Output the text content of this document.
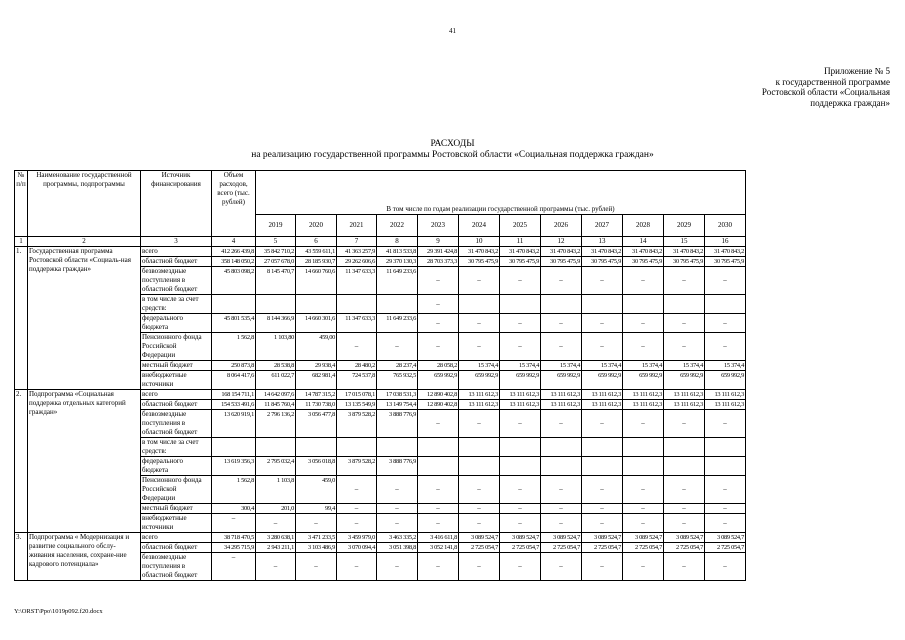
41
Приложение № 5
к государственной программе
Ростовской области «Социальная
поддержка граждан»
РАСХОДЫ
на реализацию государственной программы Ростовской области «Социальная поддержка граждан»
№ п/п	Наименование государственной программы, подпрограммы	Источник финансирования	Объем расходов, всего (тыс. рублей)	В том числе по годам реализации государственной программы (тыс. рублей)											
				2019	2020	2021	2022	2023	2024	2025	2026	2027	2028	2029	2030
1	2	3	4	5	6	7	8	9	10	11	12	13	14	15	16
1.	Государственная программа Ростовской области «Социаль-ная поддержка граждан»	всего	412 266 439,8	35 842 710,2	43 559 611,1	41 363 257,9	41 813 533,8	29 391 424,8	31 470 843,2	31 470 843,2	31 470 843,2	31 470 843,2	31 470 843,2	31 470 843,2	31 470 843,2
		областной бюджет	358 148 050,2	27 057 678,0	28 185 930,7	29 262 606,6	29 370 130,3	28 703 373,3	30 795 475,9	30 795 475,9	30 795 475,9	30 795 475,9	30 795 475,9	30 795 475,9	30 795 475,9
		безвозмездные поступления в областной бюджет	45 803 098,2	8 145 470,7	14 660 760,6	11 347 633,3	11 649 233,6	–	–	–	–	–	–	–	–
		в том числе за счет средств:						–							
		федерального бюджета	45 801 535,4	8 144 366,9	14 660 301,6	11 347 633,3	11 649 233,6	–	–	–	–	–	–	–	–
		Пенсионного фонда Российской Федерации	1 562,8	1 103,80	459,00	–	–	–	–	–	–	–	–	–	–
		местный бюджет	250 873,8	28 538,8	29 938,4	28 480,2	28 237,4	28 058,2	15 374,4	15 374,4	15 374,4	15 374,4	15 374,4	15 374,4	15 374,4
		внебюджетные источники	8 064 417,6	611 022,7	682 981,4	724 537,8	765 932,5	659 992,9	659 992,9	659 992,9	659 992,9	659 992,9	659 992,9	659 992,9	659 992,9
2.	Подпрограмма «Социальная поддержка отдельных категорий граждан»	всего	168 154 711,1	14 642 097,6	14 787 315,2	17 015 078,1	17 038 531,3	12 890 402,8	13 111 612,3	13 111 612,3	13 111 612,3	13 111 612,3	13 111 612,3	13 111 612,3	13 111 612,3
		областной бюджет	154 533 491,6	11 845 760,4	11 730 738,0	13 135 549,9	13 149 754,4	12 890 402,8	13 111 612,3	13 111 612,3	13 111 612,3	13 111 612,3	13 111 612,3	13 111 612,3	13 111 612,3
		безвозмездные поступления в областной бюджет	13 620 919,1	2 796 136,2	3 056 477,8	3 879 528,2	3 888 776,9	–	–	–	–	–	–	–	–
		в том числе за счет средств:													
		федерального бюджета	13 619 356,3	2 795 032,4	3 056 018,8	3 879 528,2	3 888 776,9								
		Пенсионного фонда Российской Федерации	1 562,8	1 103,8	459,0	–	–	–	–	–	–	–	–	–	–
		местный бюджет	300,4	201,0	99,4	–	–	–	–	–	–	–	–	–	–
		внебюджетные источники	–	–	–	–	–	–	–	–	–	–	–	–	–
3.	Подпрограмма « Модернизация и развитие социального обслу-живания населения, сохране-ние кадрового потенциала»	всего	38 718 470,5	3 280 638,1	3 471 233,5	3 459 979,0	3 463 335,2	3 416 611,8	3 089 524,7	3 089 524,7	3 089 524,7	3 089 524,7	3 089 524,7	3 089 524,7	3 089 524,7
		областной бюджет	34 295 715,9	2 943 211,1	3 103 486,9	3 070 094,4	3 051 398,8	3 052 141,8	2 725 054,7	2 725 054,7	2 725 054,7	2 725 054,7	2 725 054,7	2 725 054,7	2 725 054,7
		безвозмездные поступления в областной бюджет	–	–	–	–	–	–	–	–	–	–	–	–	–
Y:\ORST\Ppo\1019p092.f20.docx
